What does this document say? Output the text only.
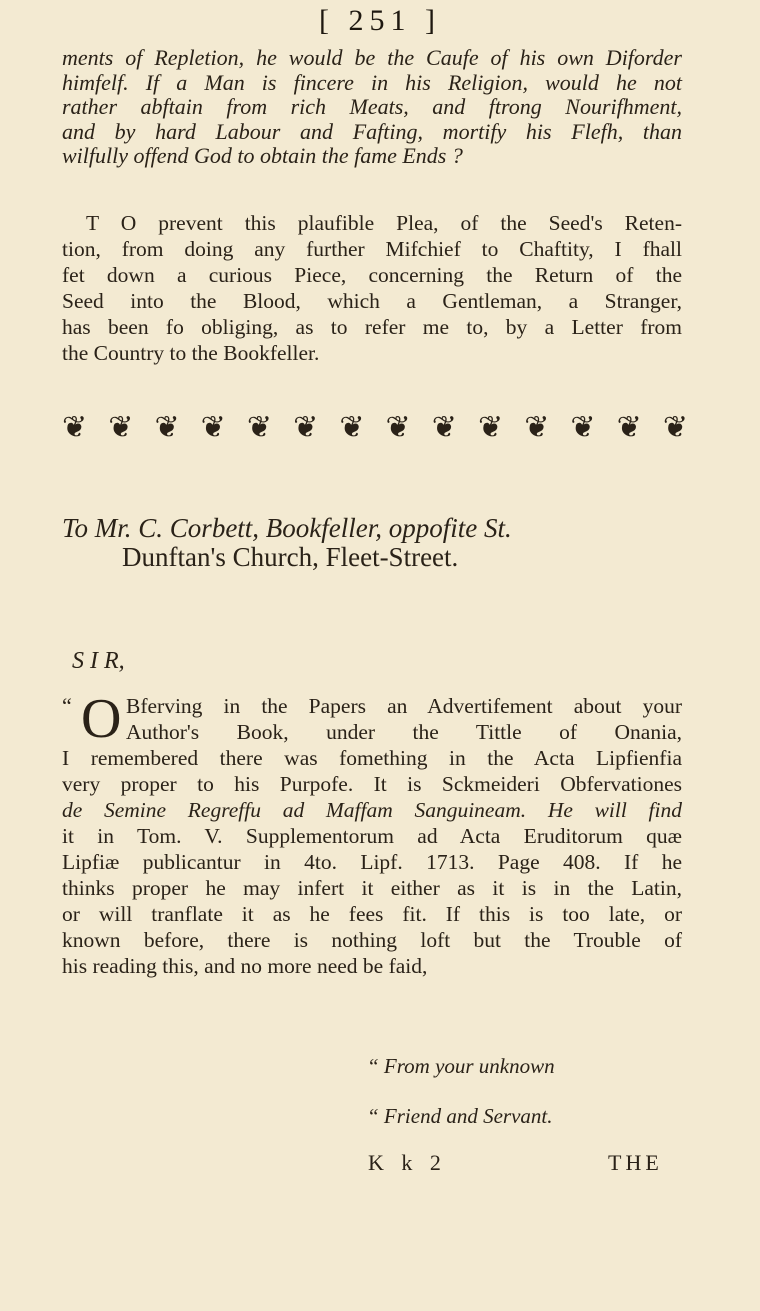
[ 251 ]
ments of Repletion, he would be the Caufe of his own Diforder
himfelf. If a Man is fincere in his Religion, would he not
rather abftain from rich Meats, and ftrong Nourifhment,
and by hard Labour and Fafting, mortify his Flefh, than
wilfully offend God to obtain the fame Ends ?
T O prevent this plaufible Plea, of the Seed's Reten-
tion, from doing any further Mifchief to Chaftity, I fhall
fet down a curious Piece, concerning the Return of the
Seed into the Blood, which a Gentleman, a Stranger,
has been fo obliging, as to refer me to, by a Letter from
the Country to the Bookfeller.
❦ ❦ ❦ ❦ ❦ ❦ ❦ ❦ ❦ ❦ ❦ ❦ ❦ ❦
To Mr. C. Corbett, Bookfeller, oppofite St.
Dunftan's Church, Fleet-Street.
S I R,
“ O Bferving in the Papers an Advertifement about your
Author's Book, under the Tittle of Onania,
I remembered there was fomething in the Acta Lipfienfia
very proper to his Purpofe. It is Sckmeideri Obfervationes
de Semine Regreffu ad Maffam Sanguineam. He will find
it in Tom. V. Supplementorum ad Acta Eruditorum quæ
Lipfiæ publicantur in 4to. Lipf. 1713. Page 408. If he
thinks proper he may infert it either as it is in the Latin,
or will tranflate it as he fees fit. If this is too late, or
known before, there is nothing loft but the Trouble of
his reading this, and no more need be faid,
“ From your unknown
“ Friend and Servant.
K k 2	THE
